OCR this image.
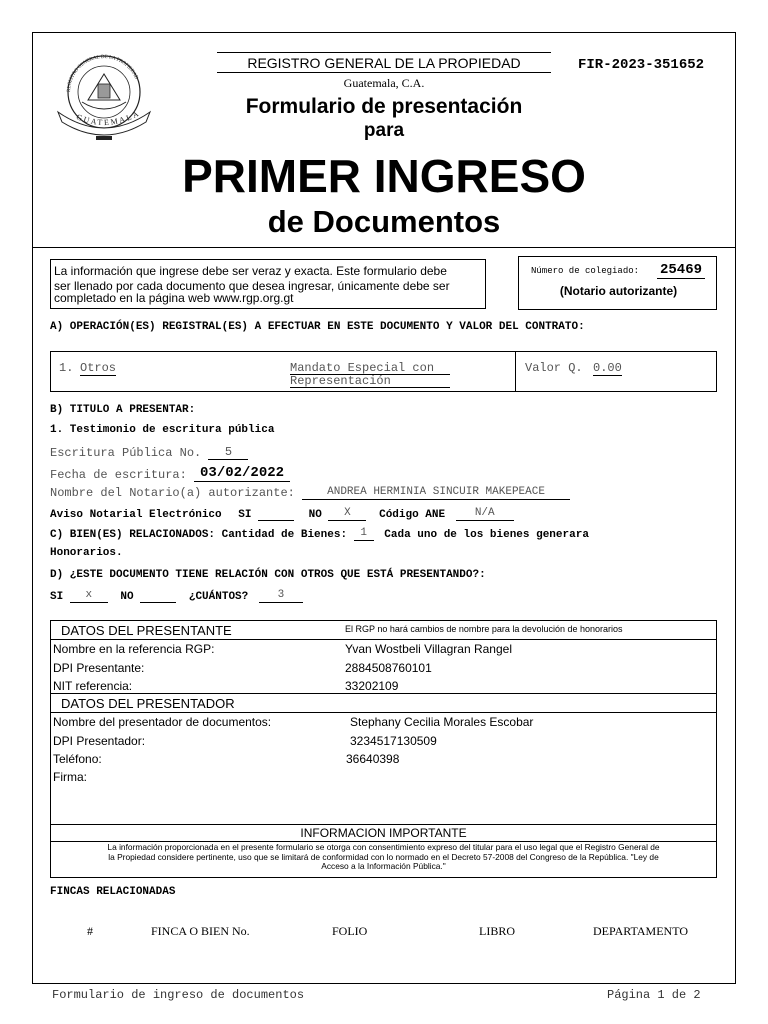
REGISTRO GENERAL DE LA PROPIEDAD
GUATEMALA
REGISTRO GENERAL DE LA PROPIEDAD
Guatemala, C.A.
FIR-2023-351652
Formulario de presentación
para
PRIMER INGRESO
de Documentos
La información que ingrese debe ser veraz y exacta. Este formulario debe
ser llenado por cada documento que desea ingresar, únicamente debe ser
completado en la página web www.rgp.org.gt
Número de colegiado: 25469
(Notario autorizante)
A) OPERACIÓN(ES) REGISTRAL(ES) A EFECTUAR EN ESTE DOCUMENTO Y VALOR DEL CONTRATO:
1. Otros	Mandato Especial con
Representación
Valor Q. 0.00
B) TITULO A PRESENTAR:
1. Testimonio de escritura pública
Escritura Pública No. 5
Fecha de escritura: 03/02/2022
Nombre del Notario(a) autorizante:	ANDREA HERMINIA SINCUIR MAKEPEACE
Aviso Notarial Electrónico SI	NO X	Código ANE	N/A
C) BIEN(ES) RELACIONADOS: Cantidad de Bienes: 1 Cada uno de los bienes generara
Honorarios.
D) ¿ESTE DOCUMENTO TIENE RELACIÓN CON OTROS QUE ESTÁ PRESENTANDO?:
SI x	NO	¿CUÁNTOS?	3
DATOS DEL PRESENTANTE	El RGP no hará cambios de nombre para la devolución de honorarios
Nombre en la referencia RGP:	Yvan Wostbeli Villagran Rangel
DPI Presentante:	2884508760101
NIT referencia:	33202109
DATOS DEL PRESENTADOR
Nombre del presentador de documentos:	Stephany Cecilia Morales Escobar
DPI Presentador:	3234517130509
Teléfono:	36640398
Firma:
INFORMACION IMPORTANTE
La información proporcionada en el presente formulario se otorga con consentimiento expreso del titular para el uso legal que el Registro General de
la Propiedad considere pertinente, uso que se limitará de conformidad con lo normado en el Decreto 57-2008 del Congreso de la República. "Ley de
Acceso a la Información Pública."
FINCAS RELACIONADAS
#	FINCA O BIEN No.	FOLIO	LIBRO	DEPARTAMENTO
Formulario de ingreso de documentos	Página 1 de 2
